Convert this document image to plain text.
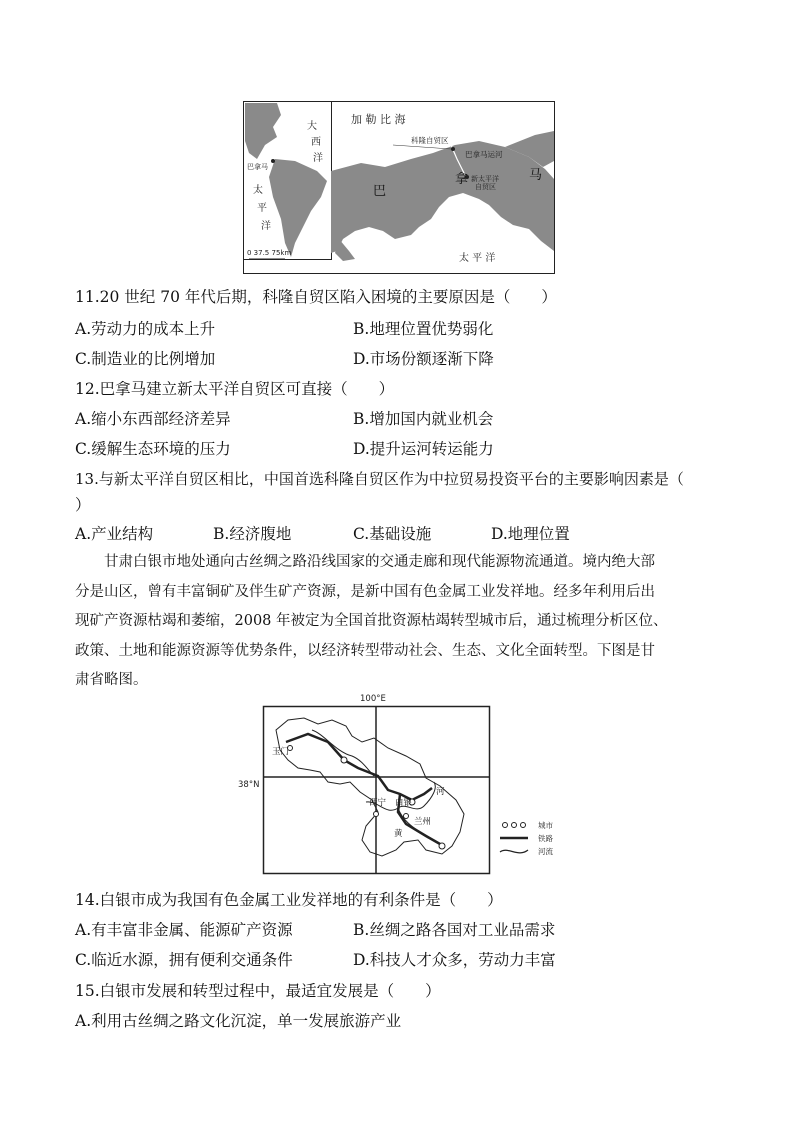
加 勒 比 海
科隆自贸区
巴拿马运河
新太平洋
自贸区
巴
拿	马
太 平 洋
大
西
洋
巴拿马
太
平
洋
0 37.5 75km
11.20 世纪 70 年代后期，科隆自贸区陷入困境的主要原因是（　　）
A.劳动力的成本上升	B.地理位置优势弱化
C.制造业的比例增加	D.市场份额逐渐下降
12.巴拿马建立新太平洋自贸区可直接（　　）
A.缩小东西部经济差异	B.增加国内就业机会
C.缓解生态环境的压力	D.提升运河转运能力
13.与新太平洋自贸区相比，中国首选科隆自贸区作为中拉贸易投资平台的主要影响因素是（
）
A.产业结构	B.经济腹地	C.基础设施	D.地理位置
甘肃白银市地处通向古丝绸之路沿线国家的交通走廊和现代能源物流通道。境内绝大部
分是山区，曾有丰富铜矿及伴生矿产资源，是新中国有色金属工业发祥地。经多年利用后出
现矿产资源枯竭和萎缩，2008 年被定为全国首批资源枯竭转型城市后，通过梳理分析区位、
政策、土地和能源资源等优势条件，以经济转型带动社会、生态、文化全面转型。下图是甘
肃省略图。
100°E
38°N
玉门
西宁 白银
兰州
河
黄
城市
铁路
河流
14.白银市成为我国有色金属工业发祥地的有利条件是（　　）
A.有丰富非金属、能源矿产资源	B.丝绸之路各国对工业品需求
C.临近水源，拥有便利交通条件	D.科技人才众多，劳动力丰富
15.白银市发展和转型过程中，最适宜发展是（　　）
A.利用古丝绸之路文化沉淀，单一发展旅游产业
